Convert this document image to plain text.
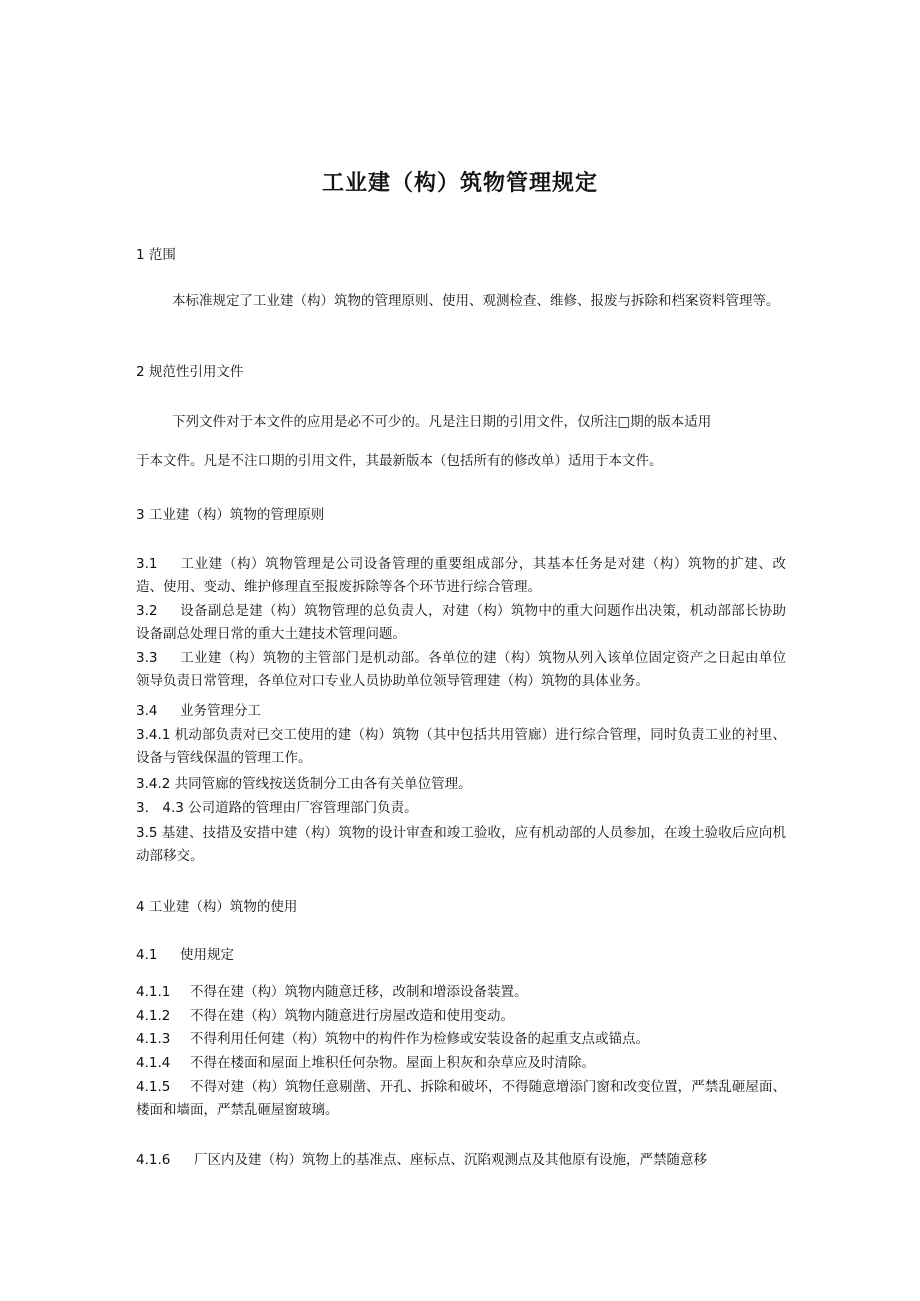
工业建（构）筑物管理规定
1 范围
本标准规定了工业建（构）筑物的管理原则、使用、观测检查、维修、报废与拆除和档案资料管理等。
2 规范性引用文件
下列文件对于本文件的应用是必不可少的。凡是注日期的引用文件，仅所注□期的版本适用
于本文件。凡是不注口期的引用文件，其最新版本（包括所有的修改单）适用于本文件。
3 工业建（构）筑物的管理原则
3.1 工业建（构）筑物管理是公司设备管理的重要组成部分，其基本任务是对建（构）筑物的扩建、改造、使用、变动、维护修理直至报废拆除等各个环节进行综合管理。
3.2 设备副总是建（构）筑物管理的总负责人，对建（构）筑物中的重大问题作出决策，机动部部长协助设备副总处理日常的重大土建技术管理问题。
3.3 工业建（构）筑物的主管部门是机动部。各单位的建（构）筑物从列入该单位固定资产之日起由单位领导负责日常管理，各单位对口专业人员协助单位领导管理建（构）筑物的具体业务。
3.4 业务管理分工
3.4.1 机动部负责对已交工使用的建（构）筑物（其中包括共用管廊）进行综合管理，同时负责工业的衬里、设备与管线保温的管理工作。
3.4.2 共同管廊的管线按送货制分工由各有关单位管理。
3.　4.3 公司道路的管理由厂容管理部门负责。
3.5 基建、技措及安措中建（构）筑物的设计审查和竣工验收，应有机动部的人员参加，在竣土验收后应向机动部移交。
4 工业建（构）筑物的使用
4.1 使用规定
4.1.1 不得在建（构）筑物内随意迁移，改制和增添设备装置。
4.1.2 不得在建（构）筑物内随意进行房屋改造和使用变动。
4.1.3 不得利用任何建（构）筑物中的构件作为检修或安装设备的起重支点或锚点。
4.1.4 不得在楼面和屋面上堆积任何杂物。屋面上积灰和杂草应及时清除。
4.1.5 不得对建（构）筑物任意剔凿、开孔、拆除和破坏，不得随意增添门窗和改变位置，严禁乱砸屋面、楼面和墙面，严禁乱砸屋窗玻璃。
4.1.6 厂区内及建（构）筑物上的基准点、座标点、沉陷观测点及其他原有设施，严禁随意移
